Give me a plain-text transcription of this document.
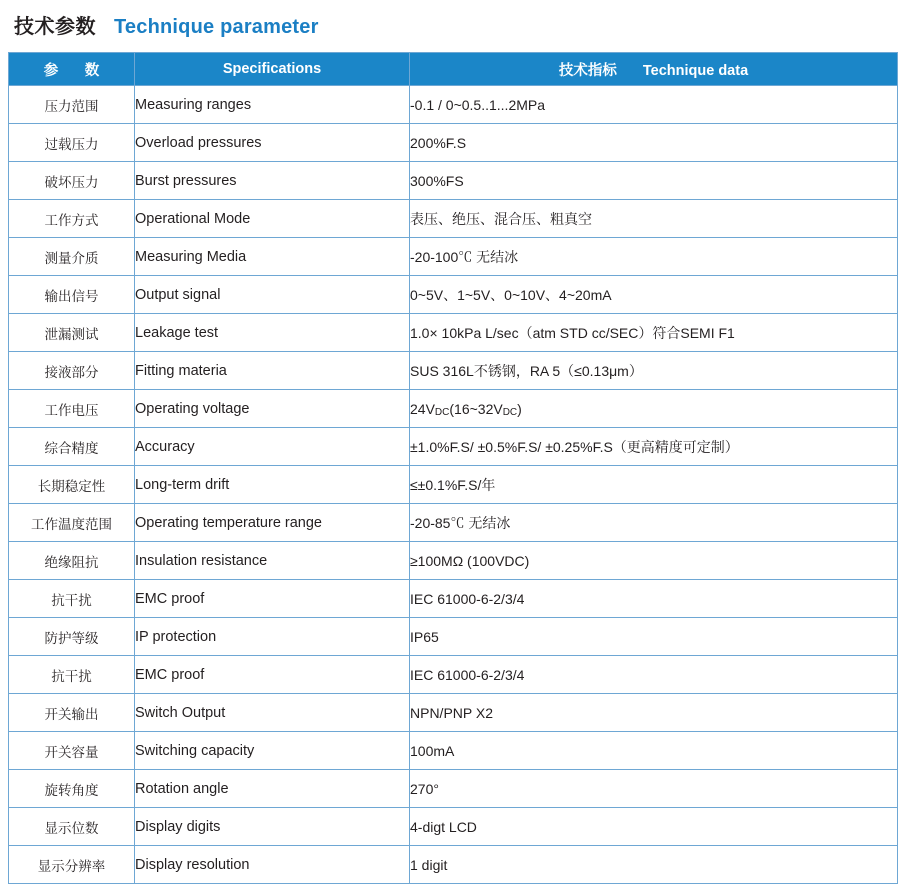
技术参数 Technique parameter
参　数	Specifications	技术指标 Technique data

压力范围	Measuring ranges	-0.1 / 0~0.5..1...2MPa
过载压力	Overload pressures	200%F.S
破坏压力	Burst pressures	300%FS
工作方式	Operational Mode	表压、绝压、混合压、粗真空
测量介质	Measuring Media	-20-100℃ 无结冰
输出信号	Output signal	0~5V、1~5V、0~10V、4~20mA
泄漏测试	Leakage test	1.0× 10kPa L/sec（atm STD cc/SEC）符合SEMI F1
接液部分	Fitting materia	SUS 316L不锈钢，RA 5（≤0.13μm）
工作电压	Operating voltage	24VDC(16~32VDC)
综合精度	Accuracy	±1.0%F.S/ ±0.5%F.S/ ±0.25%F.S（更高精度可定制）
长期稳定性	Long-term drift	≤±0.1%F.S/年
工作温度范围	Operating temperature range	-20-85℃ 无结冰
绝缘阻抗	Insulation resistance	≥100MΩ (100VDC)
抗干扰	EMC proof	IEC 61000-6-2/3/4
防护等级	IP protection	IP65
抗干扰	EMC proof	IEC 61000-6-2/3/4
开关输出	Switch Output	NPN/PNP X2
开关容量	Switching capacity	100mA
旋转角度	Rotation angle	270°
显示位数	Display digits	4-digt LCD
显示分辨率	Display resolution	1 digit
